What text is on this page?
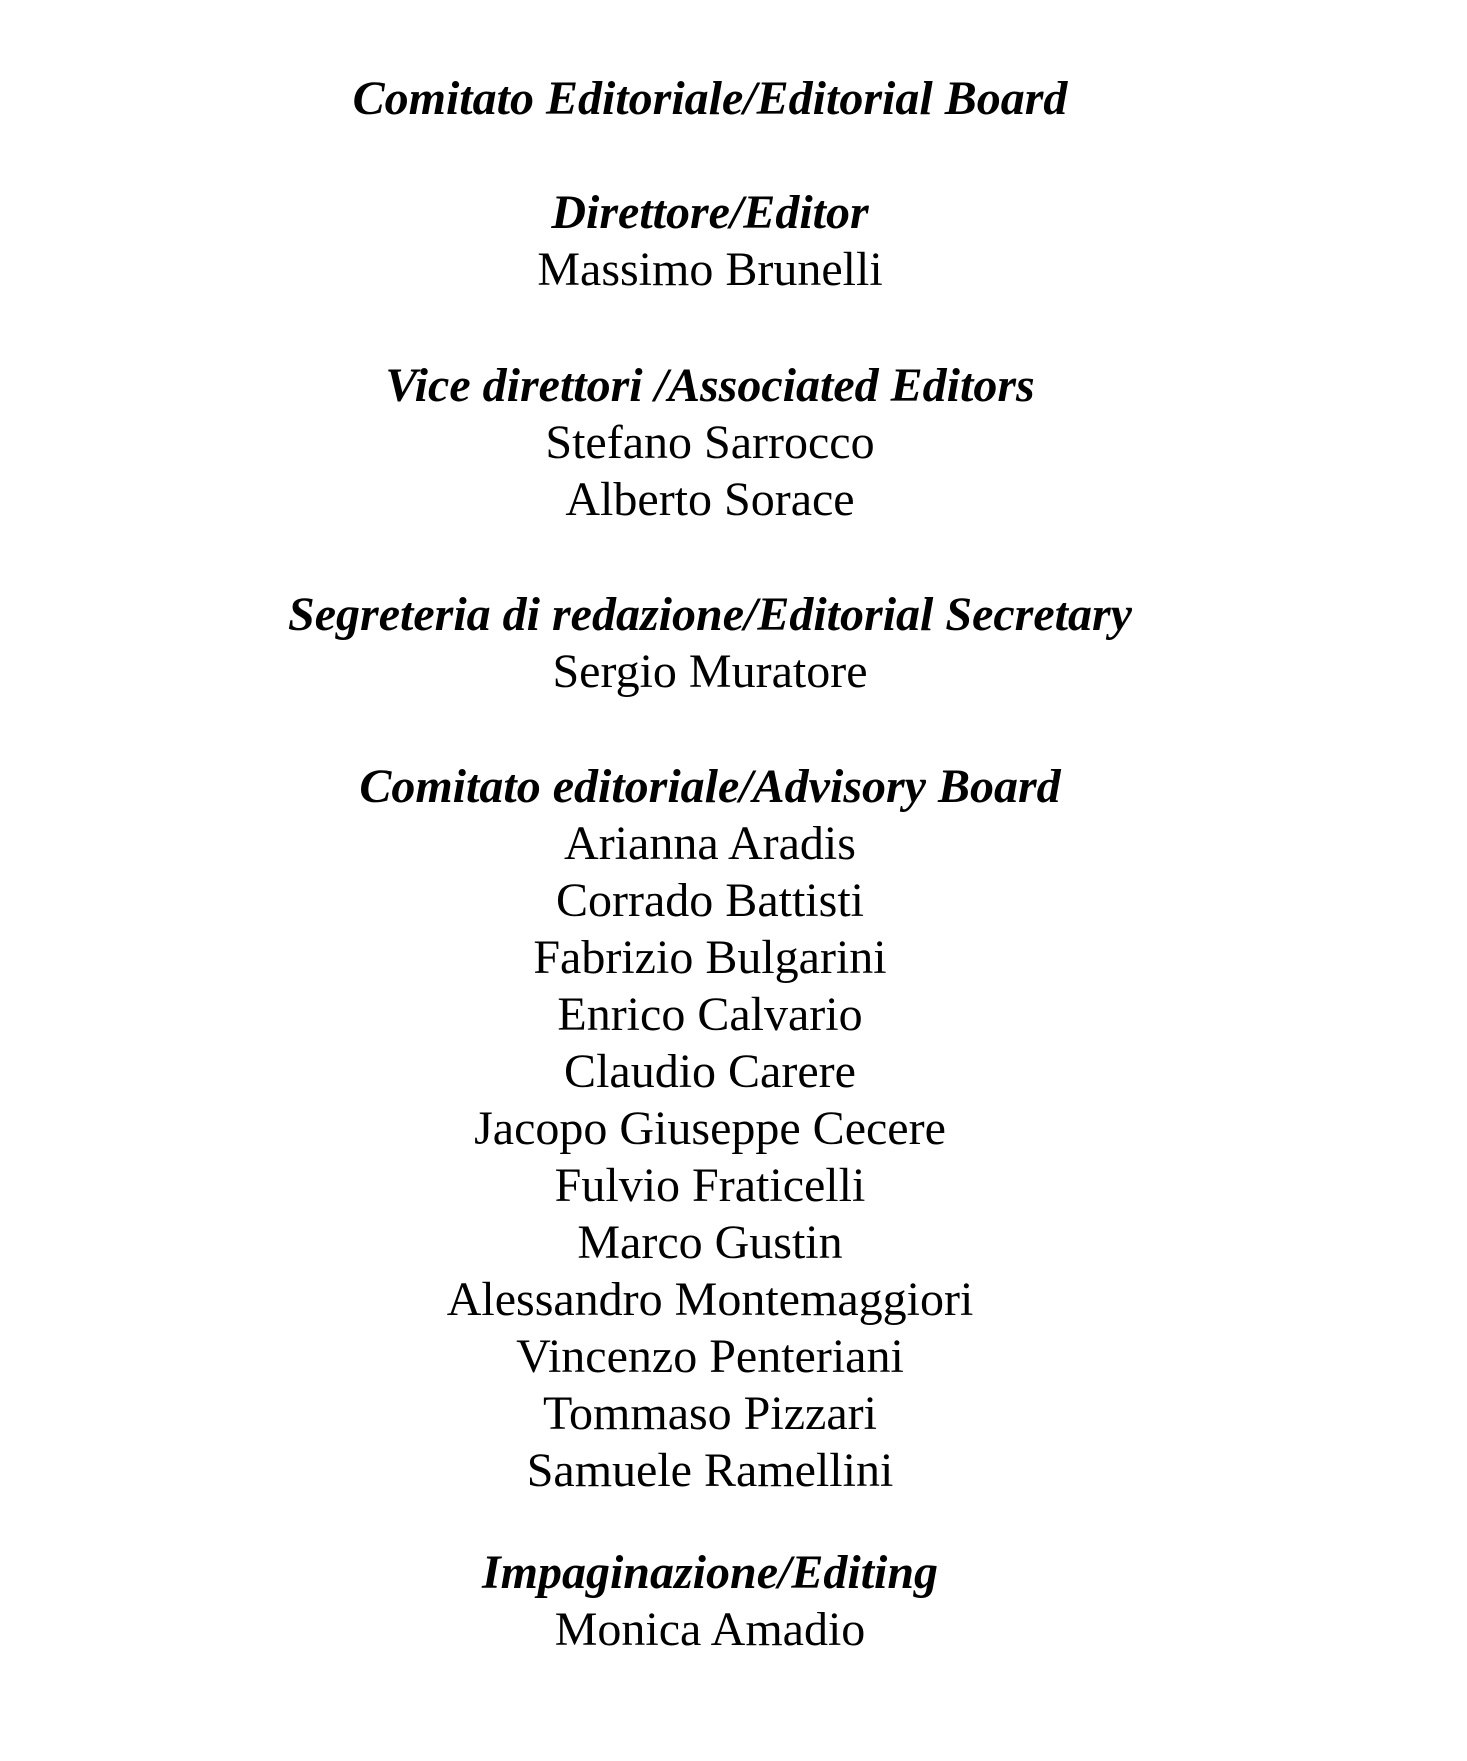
Comitato Editoriale/Editorial Board
Direttore/Editor
Massimo Brunelli
Vice direttori /Associated Editors
Stefano Sarrocco
Alberto Sorace
Segreteria di redazione/Editorial Secretary
Sergio Muratore
Comitato editoriale/Advisory Board
Arianna Aradis
Corrado Battisti
Fabrizio Bulgarini
Enrico Calvario
Claudio Carere
Jacopo Giuseppe Cecere
Fulvio Fraticelli
Marco Gustin
Alessandro Montemaggiori
Vincenzo Penteriani
Tommaso Pizzari
Samuele Ramellini
Impaginazione/Editing
Monica Amadio
